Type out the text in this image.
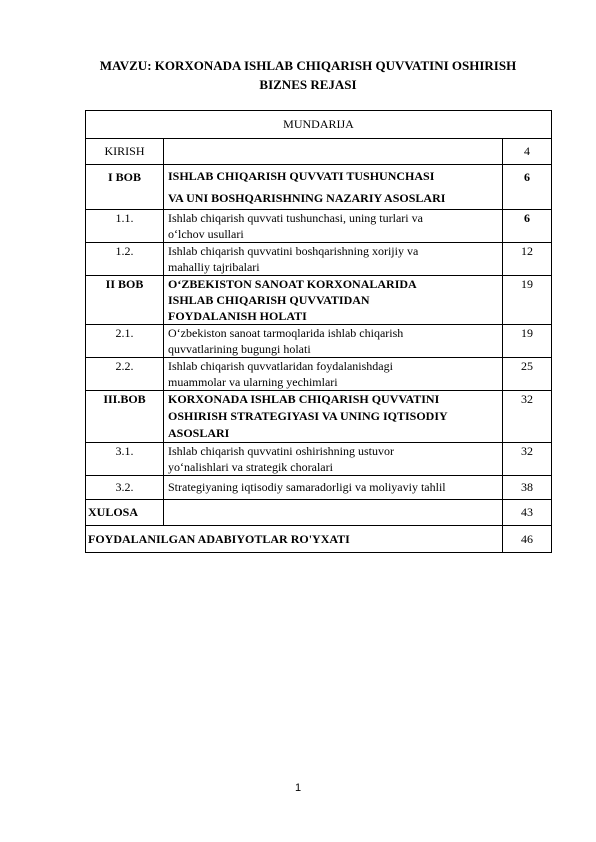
MAVZU: KORXONADA ISHLAB CHIQARISH QUVVATINI OSHIRISH
BIZNES REJASI
MUNDARIJA		
KIRISH		4
I BOB	ISHLAB CHIQARISH QUVVATI TUSHUNCHASI
VA UNI BOSHQARISHNING NAZARIY ASOSLARI	6
1.1.	Ishlab chiqarish quvvati tushunchasi, uning turlari va
o‘lchov usullari	6
1.2.	Ishlab chiqarish quvvatini boshqarishning xorijiy va
mahalliy tajribalari	12
II BOB	O‘ZBEKISTON SANOAT KORXONALARIDA
ISHLAB CHIQARISH QUVVATIDAN
FOYDALANISH HOLATI	19
2.1.	O‘zbekiston sanoat tarmoqlarida ishlab chiqarish
quvvatlarining bugungi holati	19
2.2.	Ishlab chiqarish quvvatlaridan foydalanishdagi
muammolar va ularning yechimlari	25
III.BOB	KORXONADA ISHLAB CHIQARISH QUVVATINI
OSHIRISH STRATEGIYASI VA UNING IQTISODIY
ASOSLARI	32
3.1.	Ishlab chiqarish quvvatini oshirishning ustuvor
yo‘nalishlari va strategik choralari	32
3.2.	Strategiyaning iqtisodiy samaradorligi va moliyaviy tahlil	38
XULOSA		43
FOYDALANILGAN ADABIYOTLAR RO'YXATI		46
1
